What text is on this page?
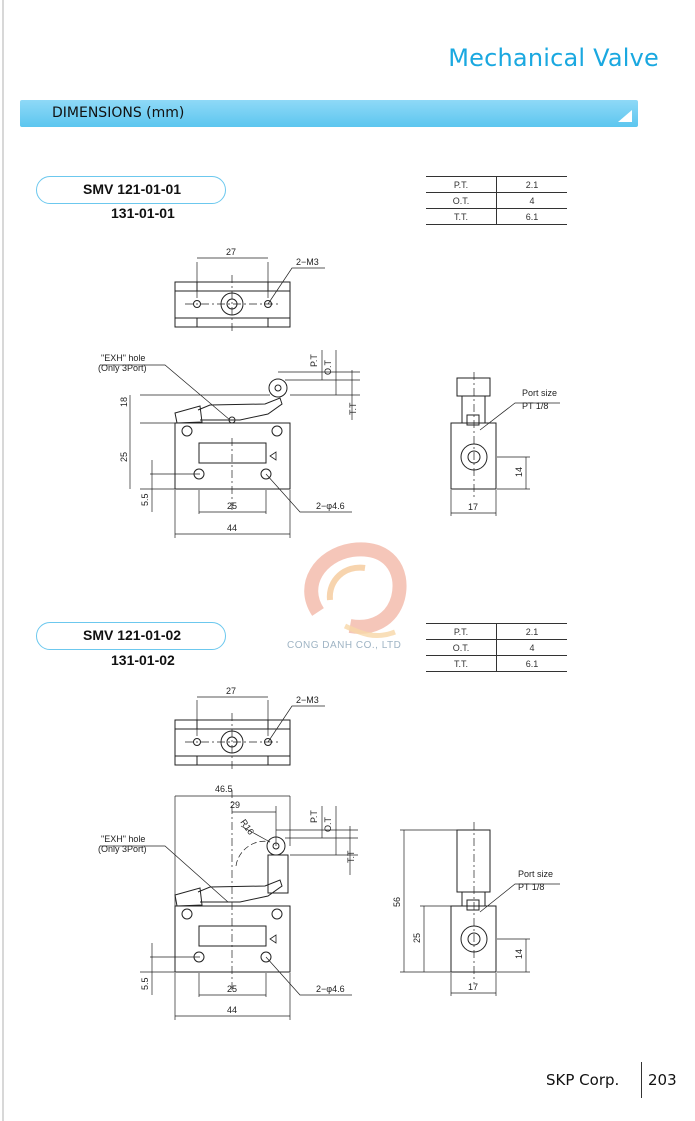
Mechanical Valve
DIMENSIONS (mm)
SMV 121-01-01
131-01-01
P.T.	2.1
O.T.	4
T.T.	6.1
SMV 121-01-02
131-01-02
P.T.	2.1
O.T.	4
T.T.	6.1
CONG DANH CO., LTD
27
2−M3
"EXH" hole
(Only 3Port)
P.T O.T
T.T
18
25
5.5	25
44
2−φ4.6
Port size
PT 1/8
14
17
27
2−M3
46.5
29
R16
"EXH" hole
(Only 3Port)
P.T
O.T
T.T
5.5	25
44
2−φ4.6
Port size
PT 1/8
56
25
14
17
SKP Corp. 203
